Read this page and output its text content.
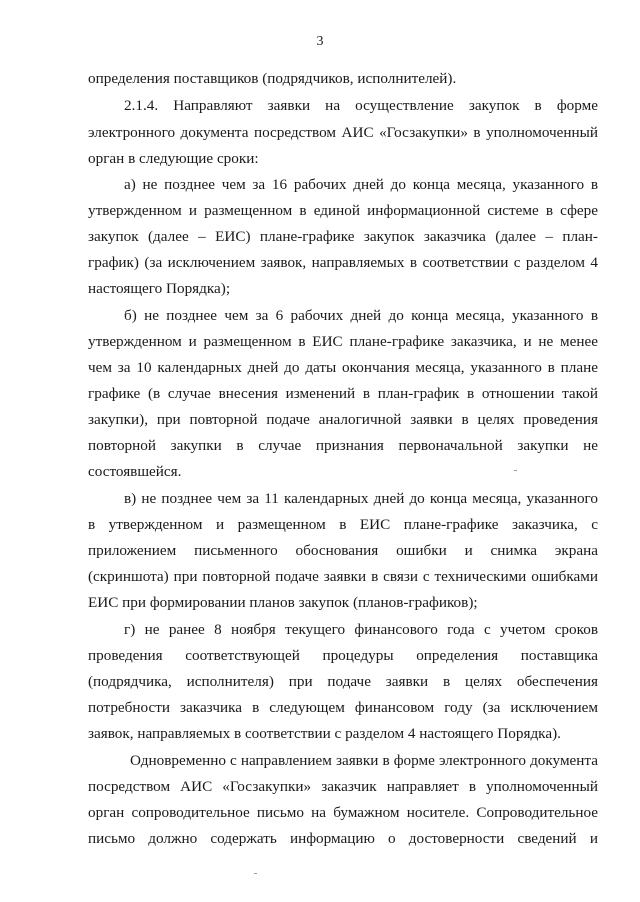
3
определения поставщиков (подрядчиков, исполнителей).
2.1.4. Направляют заявки на осуществление закупок в форме
электронного документа посредством АИС «Госзакупки» в уполномоченный
орган в следующие сроки:
а) не позднее чем за 16 рабочих дней до конца месяца, указанного в
утвержденном и размещенном в единой информационной системе в сфере
закупок (далее – ЕИС) плане-графике закупок заказчика (далее – план-
график) (за исключением заявок, направляемых в соответствии с разделом 4
настоящего Порядка);
б) не позднее чем за 6 рабочих дней до конца месяца, указанного в
утвержденном и размещенном в ЕИС плане-графике заказчика, и не менее
чем за 10 календарных дней до даты окончания месяца, указанного в плане
графике (в случае внесения изменений в план-график в отношении такой
закупки), при повторной подаче аналогичной заявки в целях проведения
повторной закупки в случае признания первоначальной закупки не
состоявшейся.
в) не позднее чем за 11 календарных дней до конца месяца, указанного
в утвержденном и размещенном в ЕИС плане-графике заказчика, с
приложением письменного обоснования ошибки и снимка экрана
(скриншота) при повторной подаче заявки в связи с техническими ошибками
ЕИС при формировании планов закупок (планов-графиков);
г) не ранее 8 ноября текущего финансового года с учетом сроков
проведения соответствующей процедуры определения поставщика
(подрядчика, исполнителя) при подаче заявки в целях обеспечения
потребности заказчика в следующем финансовом году (за исключением
заявок, направляемых в соответствии с разделом 4 настоящего Порядка).
Одновременно с направлением заявки в форме электронного документа
посредством АИС «Госзакупки» заказчик направляет в уполномоченный
орган сопроводительное письмо на бумажном носителе. Сопроводительное
письмо должно содержать информацию о достоверности сведений и
